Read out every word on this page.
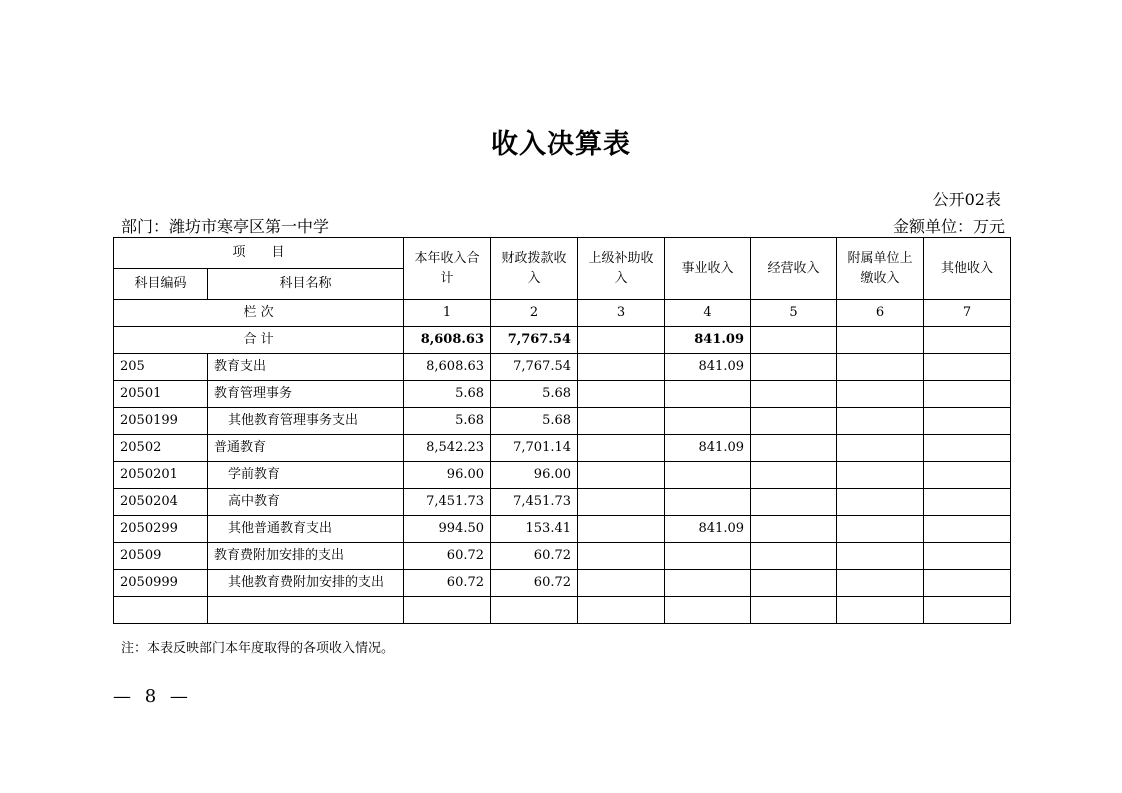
收入决算表
公开02表
部门：潍坊市寒亭区第一中学	金额单位：万元
项　　目		本年收入合计	财政拨款收入	上级补助收入	事业收入	经营收入	附属单位上缴收入	其他收入
科目编码	科目名称							
栏 次		1	2	3	4	5	6	7
合 计		8,608.63	7,767.54		841.09			
205	教育支出	8,608.63	7,767.54		841.09			
20501	教育管理事务	5.68	5.68					
2050199	其他教育管理事务支出	5.68	5.68					
20502	普通教育	8,542.23	7,701.14		841.09			
2050201	学前教育	96.00	96.00					
2050204	高中教育	7,451.73	7,451.73					
2050299	其他普通教育支出	994.50	153.41		841.09			
20509	教育费附加安排的支出	60.72	60.72					
2050999	其他教育费附加安排的支出	60.72	60.72					

注：本表反映部门本年度取得的各项收入情况。
— 8 —
